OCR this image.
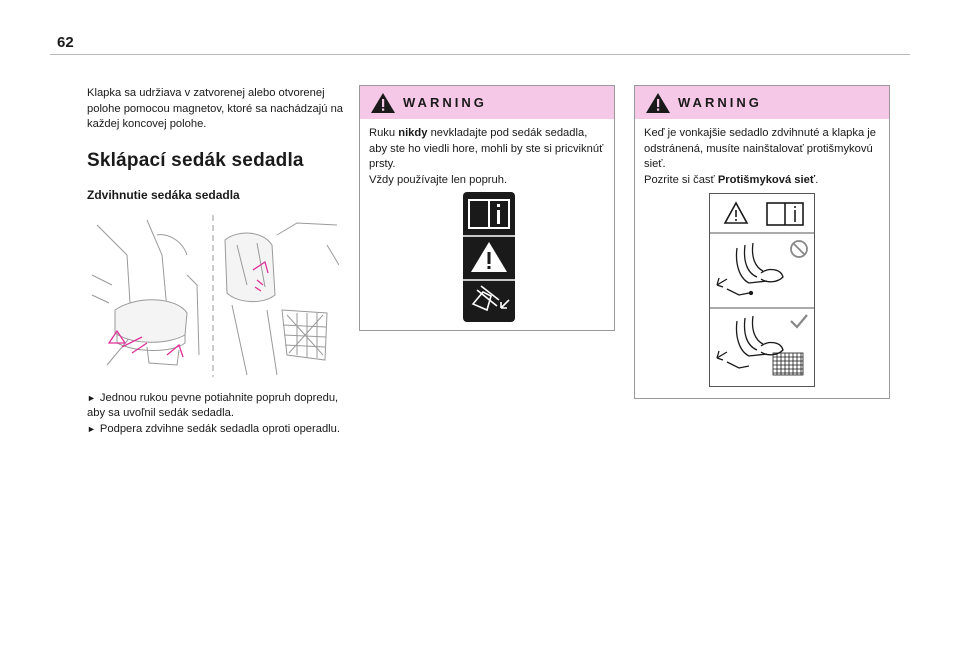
62

Klapka sa udržiava v zatvorenej alebo otvorenej polohe pomocou magnetov, ktoré sa nachádzajú na každej koncovej polohe.

Sklápací sedák sedadla
Zdvihnutie sedáka sedadla

► Jednou rukou pevne potiahnite popruh dopredu, aby sa uvoľnil sedák sedadla.

► Podpera zdvihne sedák sedadla oproti operadlu.

WARNING

Ruku nikdy nevkladajte pod sedák sedadla, aby ste ho viedli hore, mohli by ste si pricviknúť prsty.

Vždy používajte len popruh.

WARNING

Keď je vonkajšie sedadlo zdvihnuté a klapka je odstránená, musíte nainštalovať protišmykovú sieť.

Pozrite si časť Protišmyková sieť.
